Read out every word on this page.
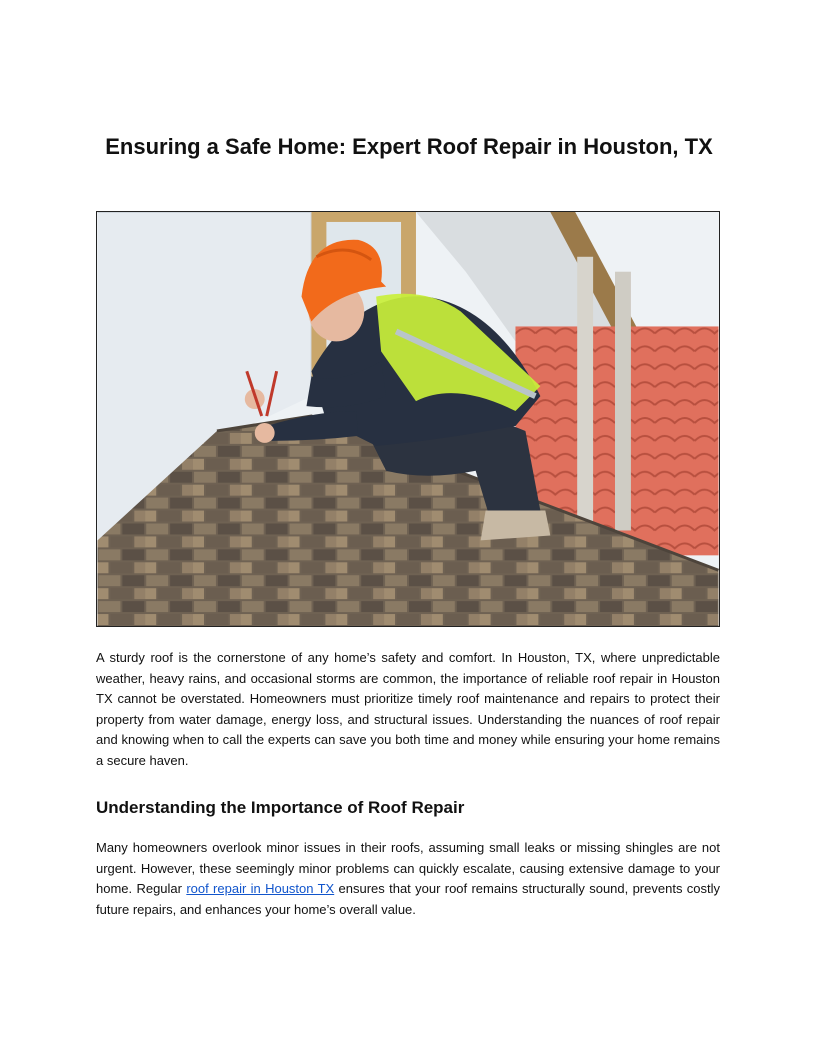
Ensuring a Safe Home: Expert Roof Repair in Houston, TX

A sturdy roof is the cornerstone of any home’s safety and comfort. In Houston, TX, where unpredictable weather, heavy rains, and occasional storms are common, the importance of reliable roof repair in Houston TX cannot be overstated. Homeowners must prioritize timely roof maintenance and repairs to protect their property from water damage, energy loss, and structural issues. Understanding the nuances of roof repair and knowing when to call the experts can save you both time and money while ensuring your home remains a secure haven.

Understanding the Importance of Roof Repair

Many homeowners overlook minor issues in their roofs, assuming small leaks or missing shingles are not urgent. However, these seemingly minor problems can quickly escalate, causing extensive damage to your home. Regular roof repair in Houston TX ensures that your roof remains structurally sound, prevents costly future repairs, and enhances your home’s overall value.
